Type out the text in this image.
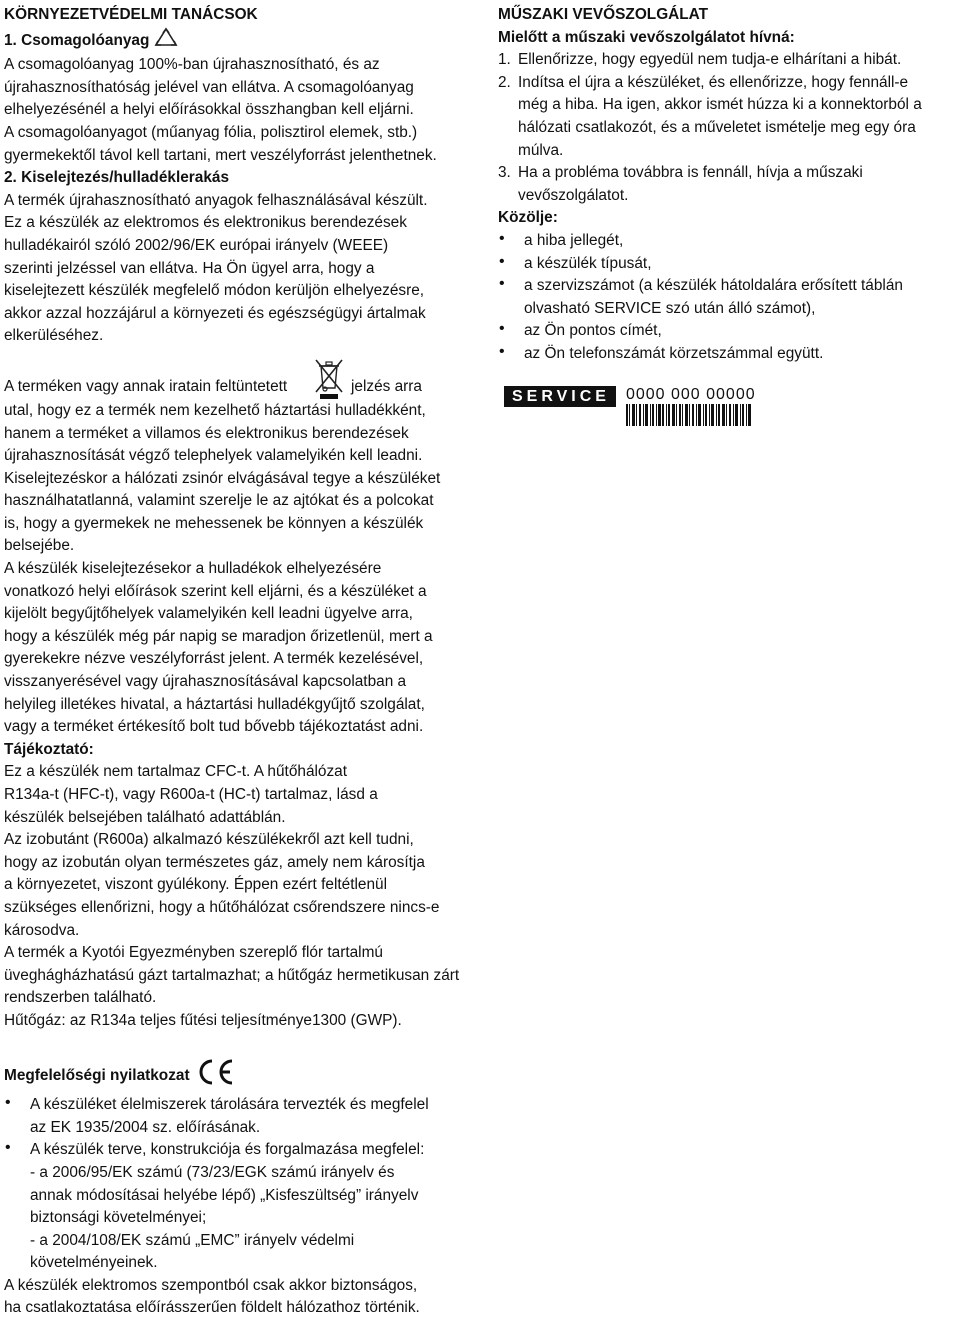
KÖRNYEZETVÉDELMI TANÁCSOK

1. Csomagolóanyag

A csomagolóanyag 100%-ban újrahasznosítható, és az

újrahasznosíthatóság jelével van ellátva. A csomagolóanyag

elhelyezésénél a helyi előírásokkal összhangban kell eljárni.

A csomagolóanyagot (műanyag fólia, polisztirol elemek, stb.)

gyermekektől távol kell tartani, mert veszélyforrást jelenthetnek.

2. Kiselejtezés/hulladéklerakás

A termék újrahasznosítható anyagok felhasználásával készült.

Ez a készülék az elektromos és elektronikus berendezések

hulladékairól szóló 2002/96/EK európai irányelv (WEEE)

szerinti jelzéssel van ellátva. Ha Ön ügyel arra, hogy a

kiselejtezett készülék megfelelő módon kerüljön elhelyezésre,

akkor azzal hozzájárul a környezeti és egészségügyi ártalmak

elkerüléséhez.

A terméken vagy annak iratain feltüntetett	jelzés arra

utal, hogy ez a termék nem kezelhető háztartási hulladékként,

hanem a terméket a villamos és elektronikus berendezések

újrahasznosítását végző telephelyek valamelyikén kell leadni.

Kiselejtezéskor a hálózati zsinór elvágásával tegye a készüléket

használhatatlanná, valamint szerelje le az ajtókat és a polcokat

is, hogy a gyermekek ne mehessenek be könnyen a készülék

belsejébe.

A készülék kiselejtezésekor a hulladékok elhelyezésére

vonatkozó helyi előírások szerint kell eljárni, és a készüléket a

kijelölt begyűjtőhelyek valamelyikén kell leadni ügyelve arra,

hogy a készülék még pár napig se maradjon őrizetlenül, mert a

gyerekekre nézve veszélyforrást jelent. A termék kezelésével,

visszanyerésével vagy újrahasznosításával kapcsolatban a

helyileg illetékes hivatal, a háztartási hulladékgyűjtő szolgálat,

vagy a terméket értékesítő bolt tud bővebb tájékoztatást adni.

Tájékoztató:

Ez a készülék nem tartalmaz CFC-t. A hűtőhálózat

R134a-t (HFC-t), vagy R600a-t (HC-t) tartalmaz, lásd a

készülék belsejében található adattáblán.

Az izobutánt (R600a) alkalmazó készülékekről azt kell tudni,

hogy az izobután olyan természetes gáz, amely nem károsítja

a környezetet, viszont gyúlékony. Éppen ezért feltétlenül

szükséges ellenőrizni, hogy a hűtőhálózat csőrendszere nincs-e

károsodva.

A termék a Kyotói Egyezményben szereplő flór tartalmú

üveghágházhatású gázt tartalmazhat; a hűtőgáz hermetikusan zárt

rendszerben található.

Hűtőgáz: az R134a teljes fűtési teljesítménye1300 (GWP).

Megfelelőségi nyilatkozat

• A készüléket élelmiszerek tárolására tervezték és megfelel

az EK 1935/2004 sz. előírásának.

• A készülék terve, konstrukciója és forgalmazása megfelel:

- a 2006/95/EK számú (73/23/EGK számú irányelv és

annak módosításai helyébe lépő) „Kisfeszültség” irányelv

biztonsági követelményei;

- a 2004/108/EK számú „EMC” irányelv védelmi

követelményeinek.

A készülék elektromos szempontból csak akkor biztonságos,

ha csatlakoztatása előírásszerűen földelt hálózathoz történik.

MŰSZAKI VEVŐSZOLGÁLAT

Mielőtt a műszaki vevőszolgálatot hívná:

1. Ellenőrizze, hogy egyedül nem tudja-e elhárítani a hibát.

2. Indítsa el újra a készüléket, és ellenőrizze, hogy fennáll-e

még a hiba. Ha igen, akkor ismét húzza ki a konnektorból a

hálózati csatlakozót, és a műveletet ismételje meg egy óra

múlva.

3. Ha a probléma továbbra is fennáll, hívja a műszaki

vevőszolgálatot.

Közölje:

• a hiba jellegét,

• a készülék típusát,

• a szervizszámot (a készülék hátoldalára erősített táblán

olvasható SERVICE szó után álló számot),

• az Ön pontos címét,

• az Ön telefonszámát körzetszámmal együtt.

SERVICE	0000 000 00000
